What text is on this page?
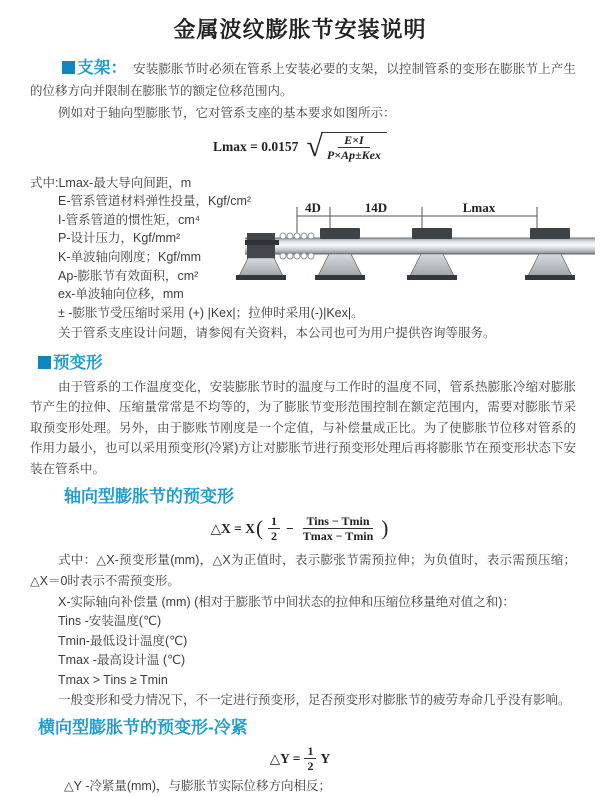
金属波纹膨胀节安装说明

支架： 安装膨胀节时必须在管系上安装必要的支架，以控制管系的变形在膨胀节上产生的位移方向并限制在膨胀节的额定位移范围内。

例如对于轴向型膨胀节，它对管系支座的基本要求如图所示：

Lmax = 0.0157 √	E×I
P×Ap±Kex
式中:Lmax-最大导向间距，m
E-管系管道材料弹性投量，Kgf/cm²
I-管系管道的惯性矩，cm⁴
P-设计压力，Kgf/mm²
K-单波轴向刚度；Kgf/mm
Ap-膨胀节有效面积，cm²
ex-单波轴向位移，mm
± -膨胀节受压缩时采用 (+) |Kex|；拉伸时采用(-)|Kex|。
4D	14D	Lmax

关于管系支座设计问题，请参阅有关资料，本公司也可为用户提供咨询等服务。

预变形

由于管系的工作温度变化，安装膨胀节时的温度与工作时的温度不同，管系热膨胀冷缩对膨胀节产生的拉伸、压缩量常常是不均等的，为了膨胀节变形范围控制在额定范围内，需要对膨胀节采取预变形处理。另外，由于膨账节刚度是一个定值，与补偿量成正比。为了使膨胀节位移对管系的作用力最小，也可以采用预变形(冷紧)方让对膨胀节进行预变形处理后再将膨胀节在预变形状态下安装在管系中。

轴向型膨胀节的预变形
△X = X ( $\frac{1}{2} - \frac{\text{Tins − Tmin}}{Tmax - Tmin}$ )

式中：△X-预变形量(mm)，△X为正值时，表示膨张节需预拉伸；为负值时，表示需预压缩；△X＝0时表示不需预变形。

X-实际轴向补偿量 (mm) (相对于膨胀节中间状态的拉伸和压缩位移量绝对值之和)：

Tins -安装温度(℃)
Tmin-最低设计温度(℃)
Tmax -最高设计温 (℃)
Tmax > Tins ≥ Tmin

一般变形和受力情况下，不一定进行预变形，足否预变形对膨胀节的疲劳寿命几乎没有影响。

横向型膨胀节的预变形-冷紧
△Y = $\frac{1}{2}$ Y

△Y -冷紧量(mm)，与膨胀节实际位移方向相反；
